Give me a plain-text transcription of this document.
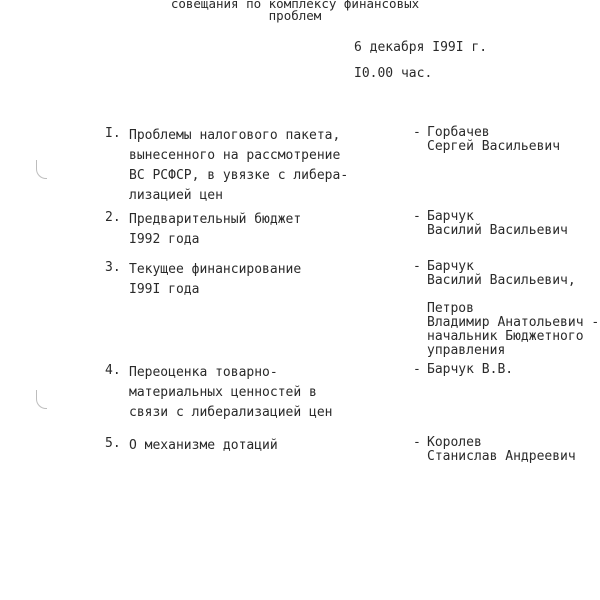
совещания по комплексу финансовых
проблем
6 декабря I99I г.
I0.00 час.
I. Проблемы налогового пакета,
вынесенного на рассмотрение
ВС РСФСР, в увязке с либера-
лизацией цен
- Горбачев
Сергей Васильевич
2. Предварительный бюджет
I992 года
- Барчук
Василий Васильевич
3. Текущее финансирование
I99I года
- Барчук
Василий Васильевич,
Петров
Владимир Анатольевич -
начальник Бюджетного
управления
4. Переоценка товарно-
материальных ценностей в
связи с либерализацией цен
- Барчук В.В.
5. О механизме дотаций	- Королев
Станислав Андреевич
